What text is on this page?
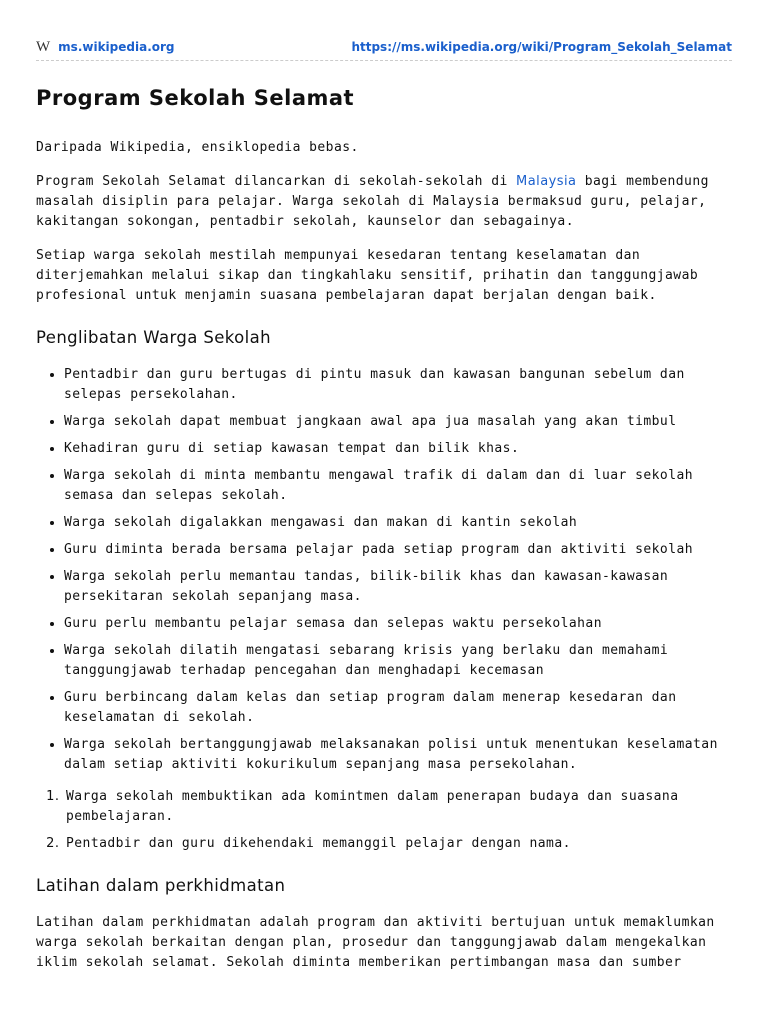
W ms.wikipedia.org	https://ms.wikipedia.org/wiki/Program_Sekolah_Selamat
Program Sekolah Selamat

Daripada Wikipedia, ensiklopedia bebas.

Program Sekolah Selamat dilancarkan di sekolah-sekolah di Malaysia bagi membendung masalah disiplin para pelajar. Warga sekolah di Malaysia bermaksud guru, pelajar, kakitangan sokongan, pentadbir sekolah, kaunselor dan sebagainya.

Setiap warga sekolah mestilah mempunyai kesedaran tentang keselamatan dan diterjemahkan melalui sikap dan tingkahlaku sensitif, prihatin dan tanggungjawab profesional untuk menjamin suasana pembelajaran dapat berjalan dengan baik.

Penglibatan Warga Sekolah
• Pentadbir dan guru bertugas di pintu masuk dan kawasan bangunan sebelum dan selepas persekolahan.
• Warga sekolah dapat membuat jangkaan awal apa jua masalah yang akan timbul
• Kehadiran guru di setiap kawasan tempat dan bilik khas.
• Warga sekolah di minta membantu mengawal trafik di dalam dan di luar sekolah semasa dan selepas sekolah.
• Warga sekolah digalakkan mengawasi dan makan di kantin sekolah
• Guru diminta berada bersama pelajar pada setiap program dan aktiviti sekolah
• Warga sekolah perlu memantau tandas, bilik-bilik khas dan kawasan-kawasan persekitaran sekolah sepanjang masa.
• Guru perlu membantu pelajar semasa dan selepas waktu persekolahan
• Warga sekolah dilatih mengatasi sebarang krisis yang berlaku dan memahami tanggungjawab terhadap pencegahan dan menghadapi kecemasan
• Guru berbincang dalam kelas dan setiap program dalam menerap kesedaran dan keselamatan di sekolah.
• Warga sekolah bertanggungjawab melaksanakan polisi untuk menentukan keselamatan dalam setiap aktiviti kokurikulum sepanjang masa persekolahan.
1. Warga sekolah membuktikan ada komintmen dalam penerapan budaya dan suasana pembelajaran.
2. Pentadbir dan guru dikehendaki memanggil pelajar dengan nama.
Latihan dalam perkhidmatan

Latihan dalam perkhidmatan adalah program dan aktiviti bertujuan untuk memaklumkan warga sekolah berkaitan dengan plan, prosedur dan tanggungjawab dalam mengekalkan iklim sekolah selamat. Sekolah diminta memberikan pertimbangan masa dan sumber
